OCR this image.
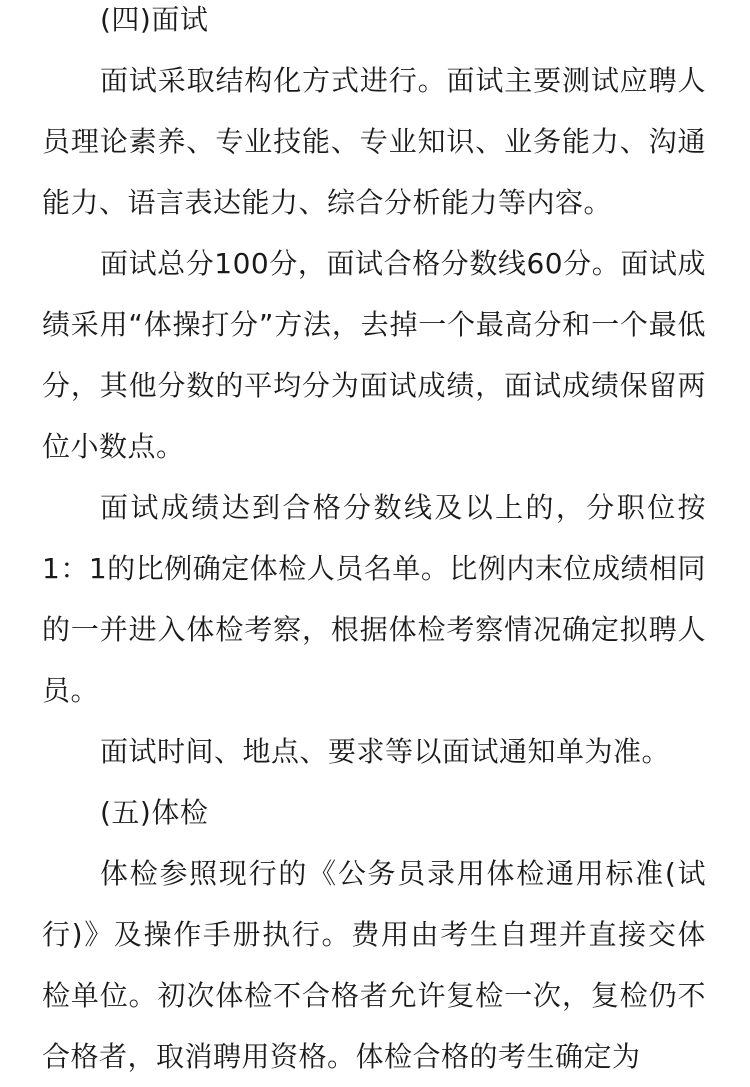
(四)面试

面试采取结构化方式进行。面试主要测试应聘人员理论素养、专业技能、专业知识、业务能力、沟通能力、语言表达能力、综合分析能力等内容。

面试总分100分，面试合格分数线60分。面试成绩采用“体操打分”方法，去掉一个最高分和一个最低分，其他分数的平均分为面试成绩，面试成绩保留两位小数点。

面试成绩达到合格分数线及以上的，分职位按1：1的比例确定体检人员名单。比例内末位成绩相同的一并进入体检考察，根据体检考察情况确定拟聘人员。

面试时间、地点、要求等以面试通知单为准。

(五)体检

体检参照现行的《公务员录用体检通用标准(试行)》及操作手册执行。费用由考生自理并直接交体检单位。初次体检不合格者允许复检一次，复检仍不合格者，取消聘用资格。体检合格的考生确定为
